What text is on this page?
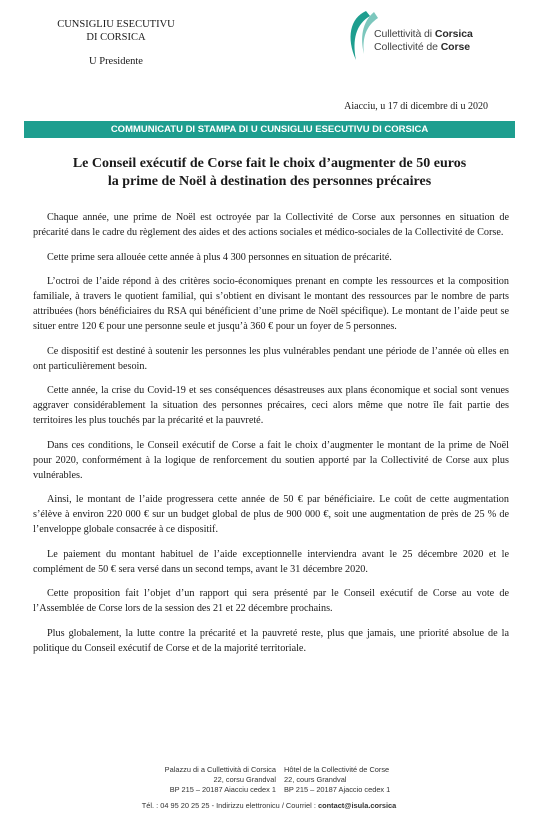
CUNSIGLIU ESECUTIVU
DI CORSICA
U Presidente
Cullettività di Corsica
Collectivité de Corse
Aiacciu, u 17 di dicembre di u 2020
COMMUNICATU DI STAMPA DI U CUNSIGLIU ESECUTIVU DI CORSICA
Le Conseil exécutif de Corse fait le choix d’augmenter de 50 euros
la prime de Noël à destination des personnes précaires

Chaque année, une prime de Noël est octroyée par la Collectivité de Corse aux personnes en situation de précarité dans le cadre du règlement des aides et des actions sociales et médico-sociales de la Collectivité de Corse.

Cette prime sera allouée cette année à plus 4 300 personnes en situation de précarité.

L’octroi de l’aide répond à des critères socio-économiques prenant en compte les ressources et la composition familiale, à travers le quotient familial, qui s’obtient en divisant le montant des ressources par le nombre de parts attribuées (hors bénéficiaires du RSA qui bénéficient d’une prime de Noël spécifique). Le montant de l’aide peut se situer entre 120 € pour une personne seule et jusqu’à 360 € pour un foyer de 5 personnes.

Ce dispositif est destiné à soutenir les personnes les plus vulnérables pendant une période de l’année où elles en ont particulièrement besoin.

Cette année, la crise du Covid-19 et ses conséquences désastreuses aux plans économique et social sont venues aggraver considérablement la situation des personnes précaires, ceci alors même que notre île fait partie des territoires les plus touchés par la précarité et la pauvreté.

Dans ces conditions, le Conseil exécutif de Corse a fait le choix d’augmenter le montant de la prime de Noël pour 2020, conformément à la logique de renforcement du soutien apporté par la Collectivité de Corse aux plus vulnérables.

Ainsi, le montant de l’aide progressera cette année de 50 € par bénéficiaire. Le coût de cette augmentation s’élève à environ 220 000 € sur un budget global de plus de 900 000 €, soit une augmentation de près de 25 % de l’enveloppe globale consacrée à ce dispositif.

Le paiement du montant habituel de l’aide exceptionnelle interviendra avant le 25 décembre 2020 et le complément de 50 € sera versé dans un second temps, avant le 31 décembre 2020.

Cette proposition fait l’objet d’un rapport qui sera présenté par le Conseil exécutif de Corse au vote de l’Assemblée de Corse lors de la session des 21 et 22 décembre prochains.

Plus globalement, la lutte contre la précarité et la pauvreté reste, plus que jamais, une priorité absolue de la politique du Conseil exécutif de Corse et de la majorité territoriale.

Palazzu di a Cullettività di Corsica
22, corsu Grandval
BP 215 – 20187 Aiacciu cedex 1
Hôtel de la Collectivité de Corse
22, cours Grandval
BP 215 – 20187 Ajaccio cedex 1
Tél. : 04 95 20 25 25 - Indirizzu elettronicu / Courriel : contact@isula.corsica
